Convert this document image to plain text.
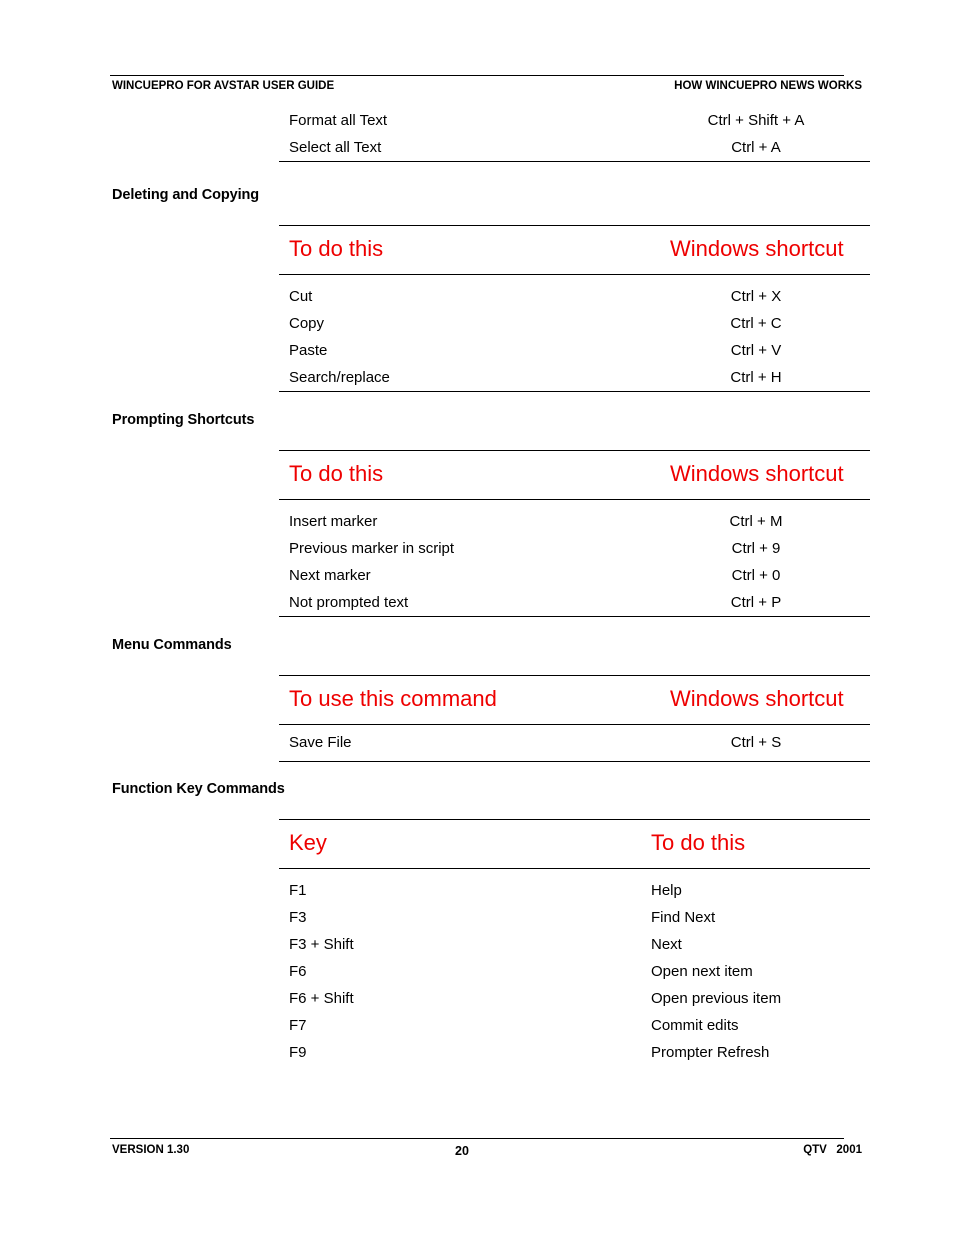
WINCUEPRO FOR AVSTAR USER GUIDE	HOW WINCUEPRO NEWS WORKS
Format all Text	Ctrl + Shift + A
Select all Text	Ctrl + A
Deleting and Copying
To do this	Windows shortcut
Cut	Ctrl + X
Copy	Ctrl + C
Paste	Ctrl + V
Search/replace	Ctrl + H
Prompting Shortcuts
To do this	Windows shortcut
Insert marker	Ctrl + M
Previous marker in script	Ctrl + 9
Next marker	Ctrl + 0
Not prompted text	Ctrl + P
Menu Commands
To use this command	Windows shortcut
Save File	Ctrl + S
Function Key Commands
Key	To do this
F1	Help
F3	Find Next
F3 + Shift	Next
F6	Open next item
F6 + Shift	Open previous item
F7	Commit edits
F9	Prompter Refresh
VERSION 1.30	20	QTV   2001
